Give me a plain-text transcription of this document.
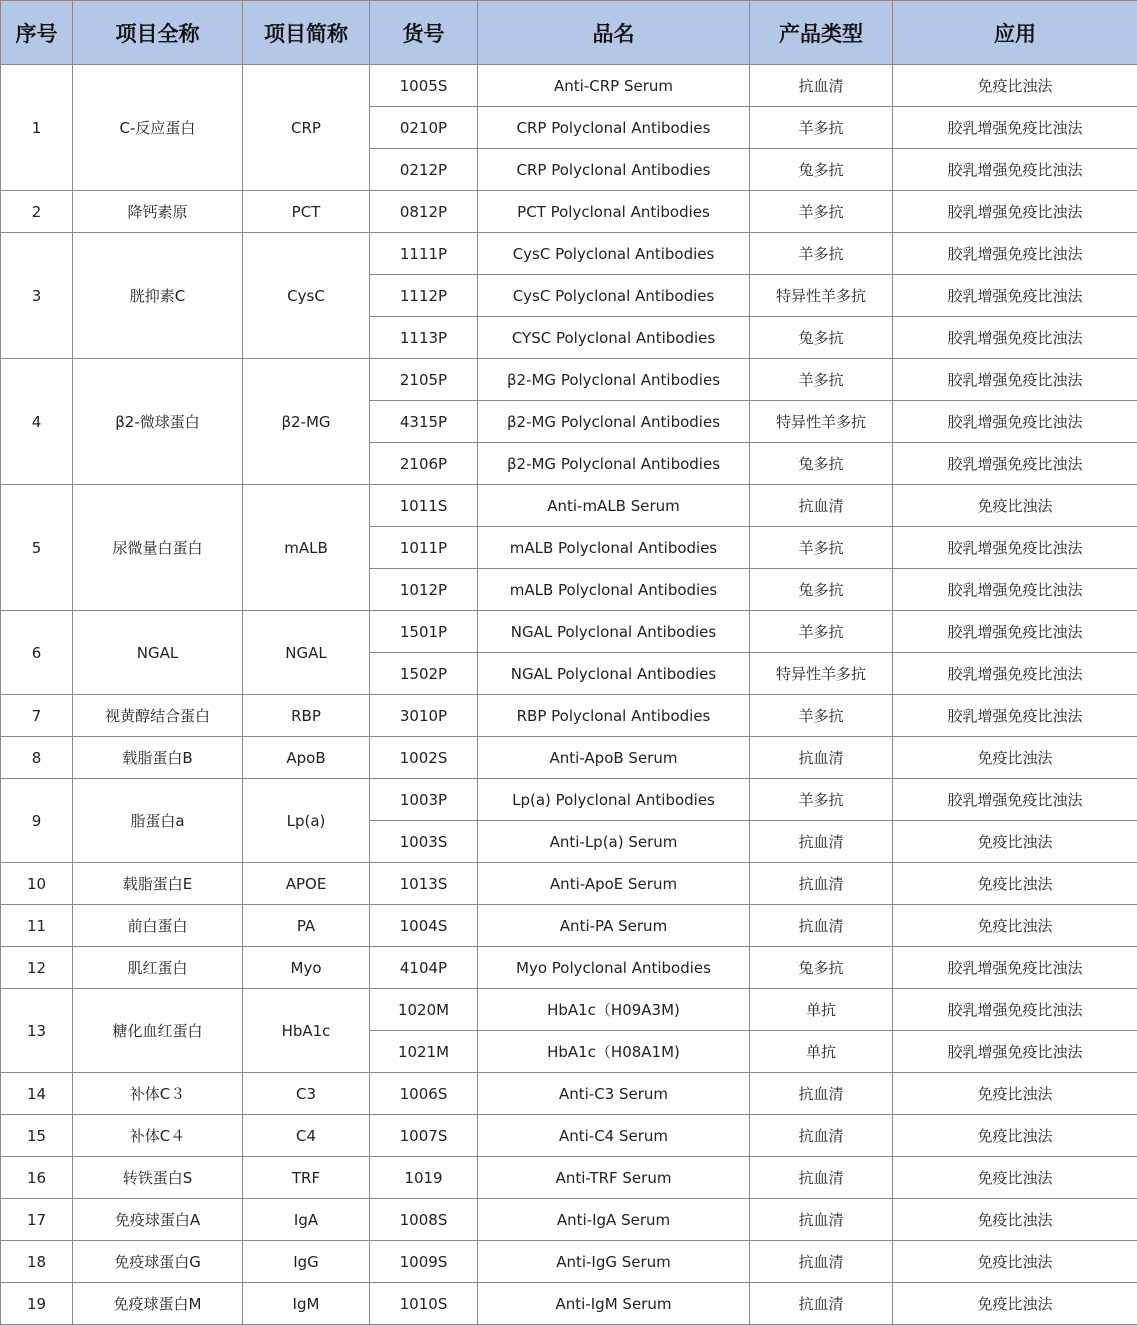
序号	项目全称	项目简称	货号	品名	产品类型	应用
1	C-反应蛋白	CRP	1005S	Anti-CRP Serum	抗血清	免疫比浊法
			0210P	CRP Polyclonal Antibodies	羊多抗	胶乳增强免疫比浊法
			0212P	CRP Polyclonal Antibodies	兔多抗	胶乳增强免疫比浊法
2	降钙素原	PCT	0812P	PCT Polyclonal Antibodies	羊多抗	胶乳增强免疫比浊法
3	胱抑素C	CysC	1111P	CysC Polyclonal Antibodies	羊多抗	胶乳增强免疫比浊法
			1112P	CysC Polyclonal Antibodies	特异性羊多抗	胶乳增强免疫比浊法
			1113P	CYSC Polyclonal Antibodies	兔多抗	胶乳增强免疫比浊法
4	β2-微球蛋白	β2-MG	2105P	β2-MG Polyclonal Antibodies	羊多抗	胶乳增强免疫比浊法
			4315P	β2-MG Polyclonal Antibodies	特异性羊多抗	胶乳增强免疫比浊法
			2106P	β2-MG Polyclonal Antibodies	兔多抗	胶乳增强免疫比浊法
5	尿微量白蛋白	mALB	1011S	Anti-mALB Serum	抗血清	免疫比浊法
			1011P	mALB Polyclonal Antibodies	羊多抗	胶乳增强免疫比浊法
			1012P	mALB Polyclonal Antibodies	兔多抗	胶乳增强免疫比浊法
6	NGAL	NGAL	1501P	NGAL Polyclonal Antibodies	羊多抗	胶乳增强免疫比浊法
			1502P	NGAL Polyclonal Antibodies	特异性羊多抗	胶乳增强免疫比浊法
7	视黄醇结合蛋白	RBP	3010P	RBP Polyclonal Antibodies	羊多抗	胶乳增强免疫比浊法
8	载脂蛋白B	ApoB	1002S	Anti-ApoB Serum	抗血清	免疫比浊法
9	脂蛋白a	Lp(a)	1003P	Lp(a) Polyclonal Antibodies	羊多抗	胶乳增强免疫比浊法
			1003S	Anti-Lp(a) Serum	抗血清	免疫比浊法
10	载脂蛋白E	APOE	1013S	Anti-ApoE Serum	抗血清	免疫比浊法
11	前白蛋白	PA	1004S	Anti-PA Serum	抗血清	免疫比浊法
12	肌红蛋白	Myo	4104P	Myo Polyclonal Antibodies	兔多抗	胶乳增强免疫比浊法
13	糖化血红蛋白	HbA1c	1020M	HbA1c（H09A3M)	单抗	胶乳增强免疫比浊法
			1021M	HbA1c（H08A1M)	单抗	胶乳增强免疫比浊法
14	补体C３	C3	1006S	Anti-C3 Serum	抗血清	免疫比浊法
15	补体C４	C4	1007S	Anti-C4 Serum	抗血清	免疫比浊法
16	转铁蛋白S	TRF	1019	Anti-TRF Serum	抗血清	免疫比浊法
17	免疫球蛋白A	IgA	1008S	Anti-IgA Serum	抗血清	免疫比浊法
18	免疫球蛋白G	IgG	1009S	Anti-IgG Serum	抗血清	免疫比浊法
19	免疫球蛋白M	IgM	1010S	Anti-IgM Serum	抗血清	免疫比浊法
